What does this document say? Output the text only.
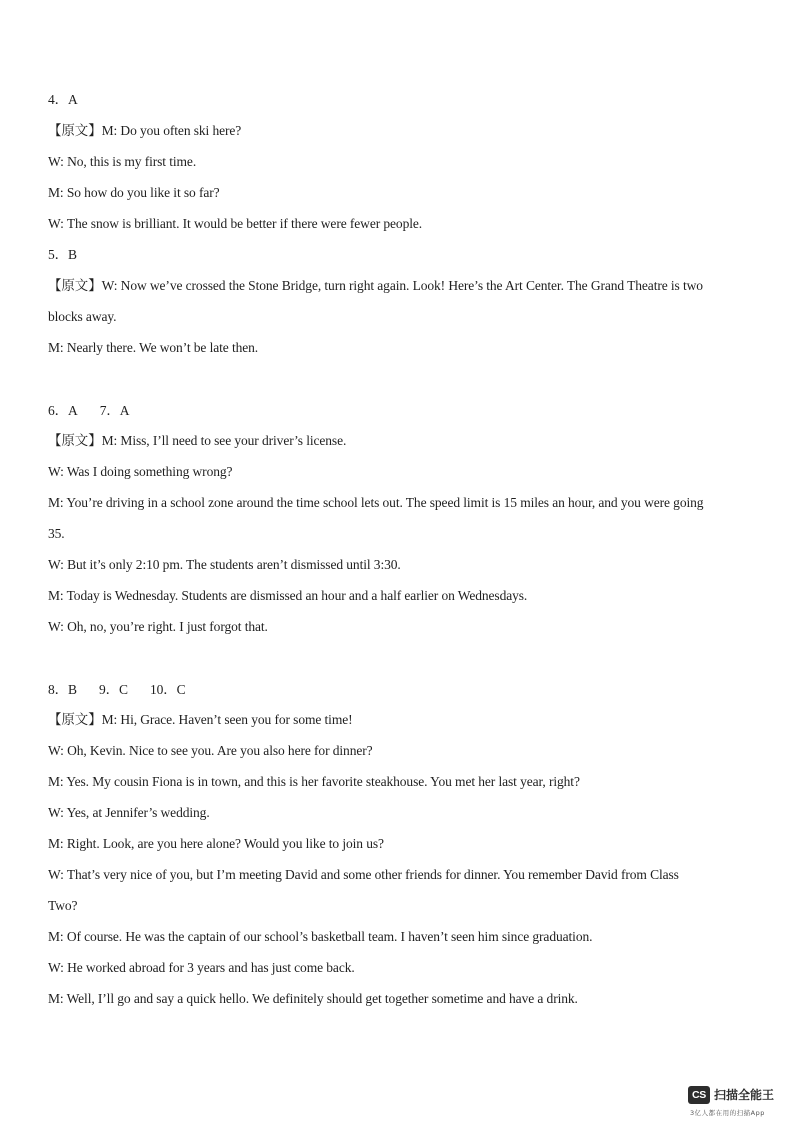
4．A
【原文】M: Do you often ski here?
W: No, this is my first time.
M: So how do you like it so far?
W: The snow is brilliant. It would be better if there were fewer people.
5．B
【原文】W: Now we’ve crossed the Stone Bridge, turn right again. Look! Here’s the Art Center. The Grand Theatre is two
blocks away.
M: Nearly there. We won’t be late then.
6．A 7．A
【原文】M: Miss, I’ll need to see your driver’s license.
W: Was I doing something wrong?
M: You’re driving in a school zone around the time school lets out. The speed limit is 15 miles an hour, and you were going
35.
W: But it’s only 2:10 pm. The students aren’t dismissed until 3:30.
M: Today is Wednesday. Students are dismissed an hour and a half earlier on Wednesdays.
W: Oh, no, you’re right. I just forgot that.
8．B 9．C 10．C
【原文】M: Hi, Grace. Haven’t seen you for some time!
W: Oh, Kevin. Nice to see you. Are you also here for dinner?
M: Yes. My cousin Fiona is in town, and this is her favorite steakhouse. You met her last year, right?
W: Yes, at Jennifer’s wedding.
M: Right. Look, are you here alone? Would you like to join us?
W: That’s very nice of you, but I’m meeting David and some other friends for dinner. You remember David from Class
Two?
M: Of course. He was the captain of our school’s basketball team. I haven’t seen him since graduation.
W: He worked abroad for 3 years and has just come back.
M: Well, I’ll go and say a quick hello. We definitely should get together sometime and have a drink.
CS 扫描全能王
3亿人都在用的扫描App
